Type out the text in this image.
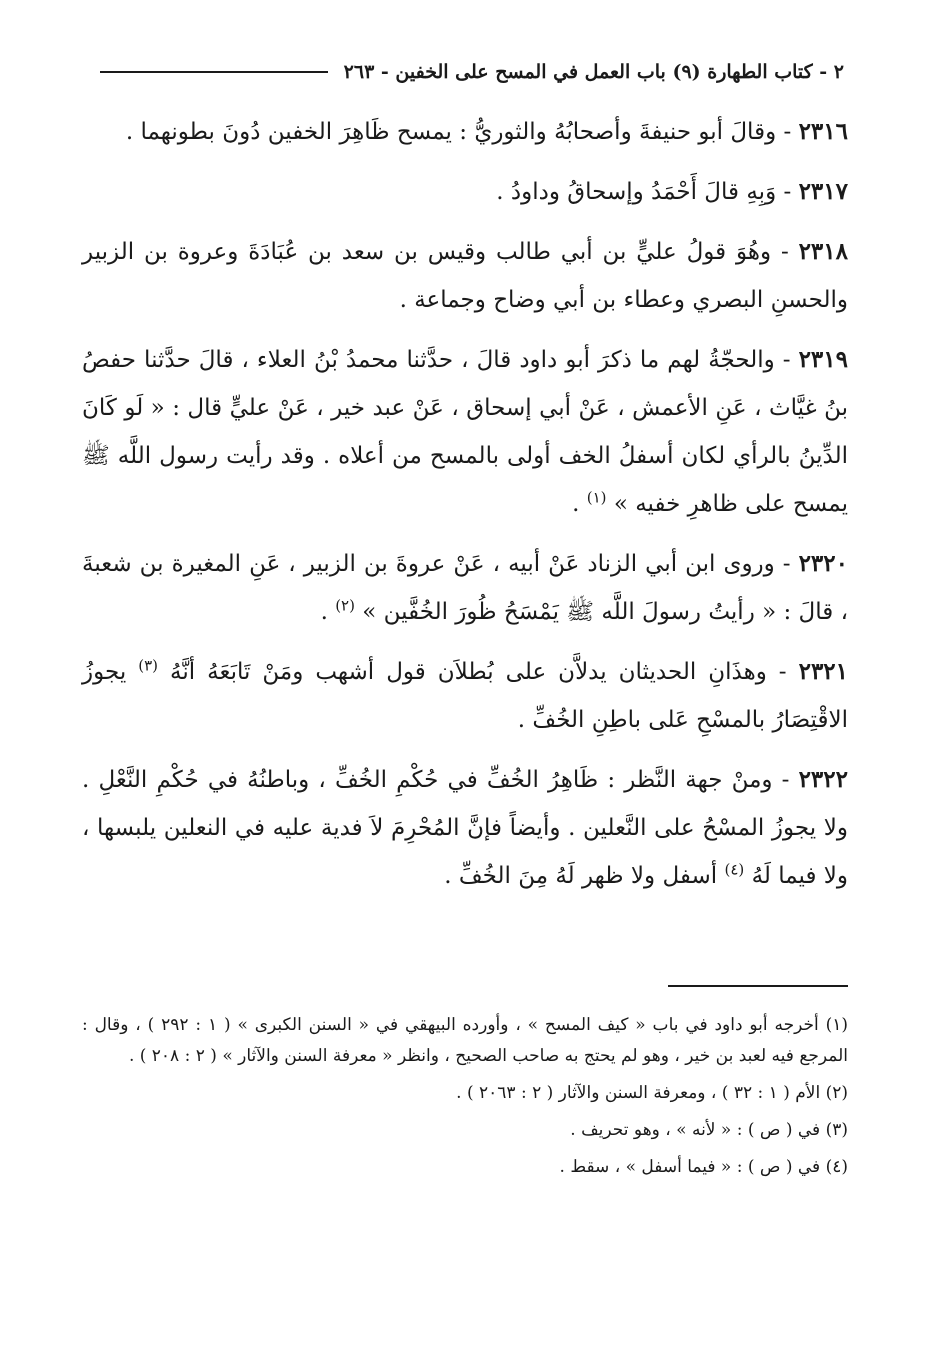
٢ - كتاب الطهارة (٩) باب العمل في المسح على الخفين - ٢٦٣

٢٣١٦ - وقالَ أبو حنيفةَ وأصحابُهُ والثوريُّ : يمسح ظَاهِرَ الخفين دُونَ بطونهما .

٢٣١٧ - وَبِهِ قالَ أَحْمَدُ وإسحاقُ وداودُ .

٢٣١٨ - وهُوَ قولُ عليٍّ بن أبي طالب وقيس بن سعد بن عُبَادَةَ وعروة بن الزبير والحسنِ البصري وعطاء بن أبي وضاح وجماعة .

٢٣١٩ - والحجّةُ لهم ما ذكرَ أبو داود قالَ ، حدَّثنا محمدُ بْنُ العلاء ، قالَ حدَّثنا حفصُ بنُ غيَّاث ، عَنِ الأعمش ، عَنْ أبي إسحاق ، عَنْ عبد خير ، عَنْ عليٍّ قال : « لَو كَانَ الدِّينُ بالرأي لكان أسفلُ الخف أولى بالمسح من أعلاه . وقد رأيت رسول اللَّه ﷺ يمسح على ظاهرِ خفيه » $^{(١)}$ .

٢٣٢٠ - وروى ابن أبي الزناد عَنْ أبيه ، عَنْ عروةَ بن الزبير ، عَنِ المغيرة بن شعبةَ ، قالَ : « رأيتُ رسولَ اللَّه ﷺ يَمْسَحُ ظُورَ الخُفَّين » $^{(٢)}$ .

٢٣٢١ - وهذَانِ الحديثان يدلاَّن على بُطلاَن قول أشهب ومَنْ تَابَعَهُ أنَّهُ $^{(٣)}$ يجوزُ الاقْتِصَارُ بالمسْحِ عَلى باطِنِ الخُفِّ .

٢٣٢٢ - ومنْ جهة النَّظر : ظَاهِرُ الخُفِّ في حُكْمِ الخُفِّ ، وباطنُهُ في حُكْمِ النَّعْلِ . ولا يجوزُ المسْحُ على النَّعلين . وأيضاً فإنَّ المُحْرِمَ لاَ فدية عليه في النعلين يلبسها ، ولا فيما لَهُ $^{(٤)}$ أسفل ولا ظهر لَهُ مِنَ الخُفِّ .

(١) أخرجه أبو داود في باب « كيف المسح » ، وأورده البيهقي في « السنن الكبرى » ( ١ : ٢٩٢ ) ، وقال : المرجع فيه لعبد بن خير ، وهو لم يحتج به صاحب الصحيح ، وانظر « معرفة السنن والآثار » ( ٢ : ٢٠٨ ) .

(٢) الأم ( ١ : ٣٢ ) ، ومعرفة السنن والآثار ( ٢ : ٢٠٦٣ ) .

(٣) في ( ص ) : « لأنه » ، وهو تحريف .

(٤) في ( ص ) : « فيما أسفل » ، سقط .
